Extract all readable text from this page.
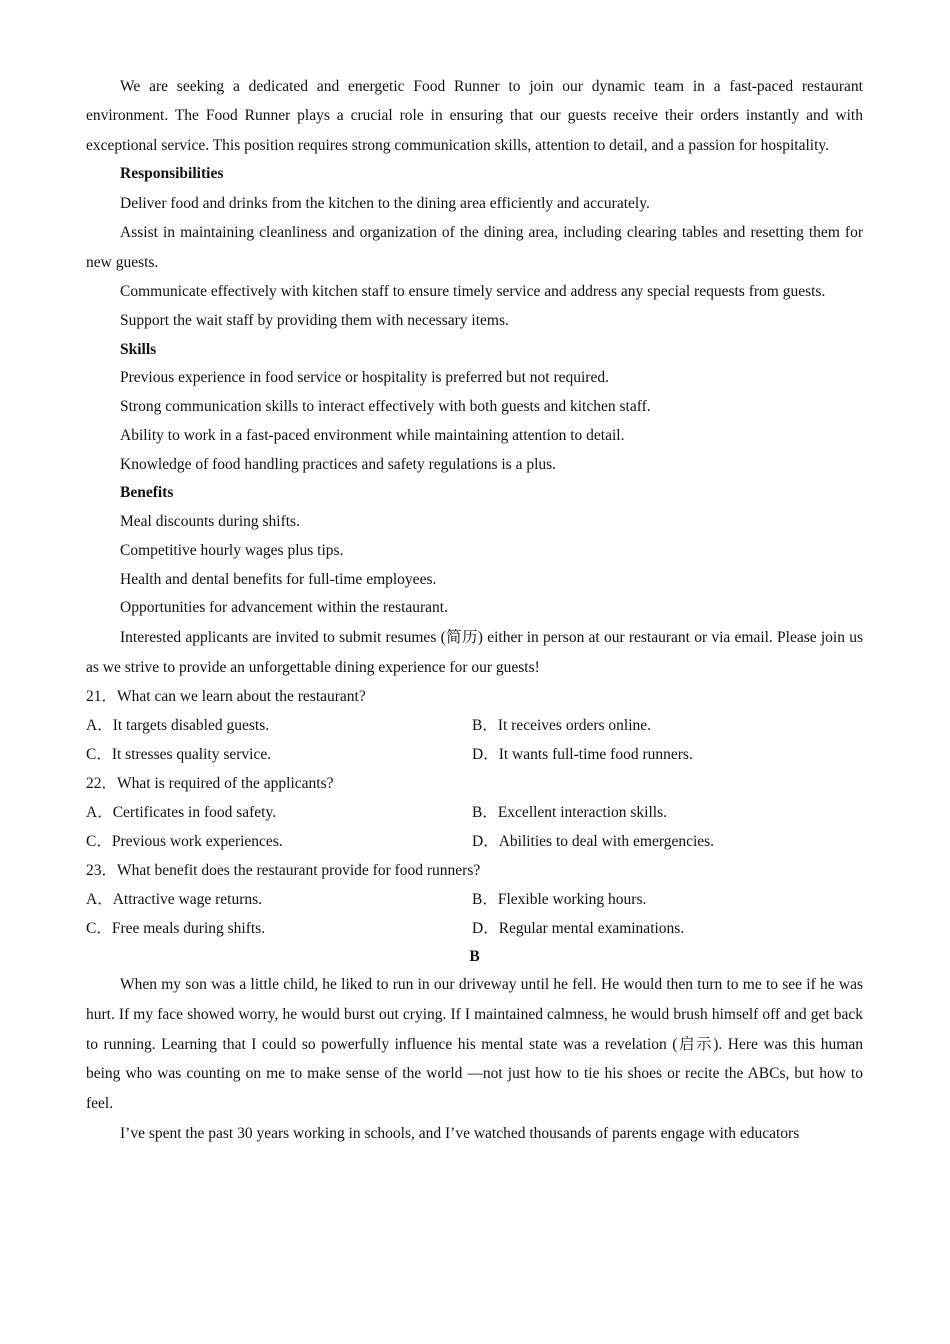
We are seeking a dedicated and energetic Food Runner to join our dynamic team in a fast-paced restaurant environment. The Food Runner plays a crucial role in ensuring that our guests receive their orders instantly and with exceptional service. This position requires strong communication skills, attention to detail, and a passion for hospitality.

Responsibilities

Deliver food and drinks from the kitchen to the dining area efficiently and accurately.

Assist in maintaining cleanliness and organization of the dining area, including clearing tables and resetting them for new guests.

Communicate effectively with kitchen staff to ensure timely service and address any special requests from guests.

Support the wait staff by providing them with necessary items.

Skills

Previous experience in food service or hospitality is preferred but not required.

Strong communication skills to interact effectively with both guests and kitchen staff.

Ability to work in a fast-paced environment while maintaining attention to detail.

Knowledge of food handling practices and safety regulations is a plus.

Benefits

Meal discounts during shifts.

Competitive hourly wages plus tips.

Health and dental benefits for full-time employees.

Opportunities for advancement within the restaurant.

Interested applicants are invited to submit resumes (简历) either in person at our restaurant or via email. Please join us as we strive to provide an unforgettable dining experience for our guests!

21．What can we learn about the restaurant?

A．It targets disabled guests.	B．It receives orders online.
C．It stresses quality service.	D．It wants full-time food runners.

22．What is required of the applicants?

A．Certificates in food safety.	B．Excellent interaction skills.
C．Previous work experiences.	D．Abilities to deal with emergencies.

23．What benefit does the restaurant provide for food runners?

A．Attractive wage returns.	B．Flexible working hours.
C．Free meals during shifts.	D．Regular mental examinations.

B

When my son was a little child, he liked to run in our driveway until he fell. He would then turn to me to see if he was hurt. If my face showed worry, he would burst out crying. If I maintained calmness, he would brush himself off and get back to running. Learning that I could so powerfully influence his mental state was a revelation (启示). Here was this human being who was counting on me to make sense of the world —not just how to tie his shoes or recite the ABCs, but how to feel.

I’ve spent the past 30 years working in schools, and I’ve watched thousands of parents engage with educators
